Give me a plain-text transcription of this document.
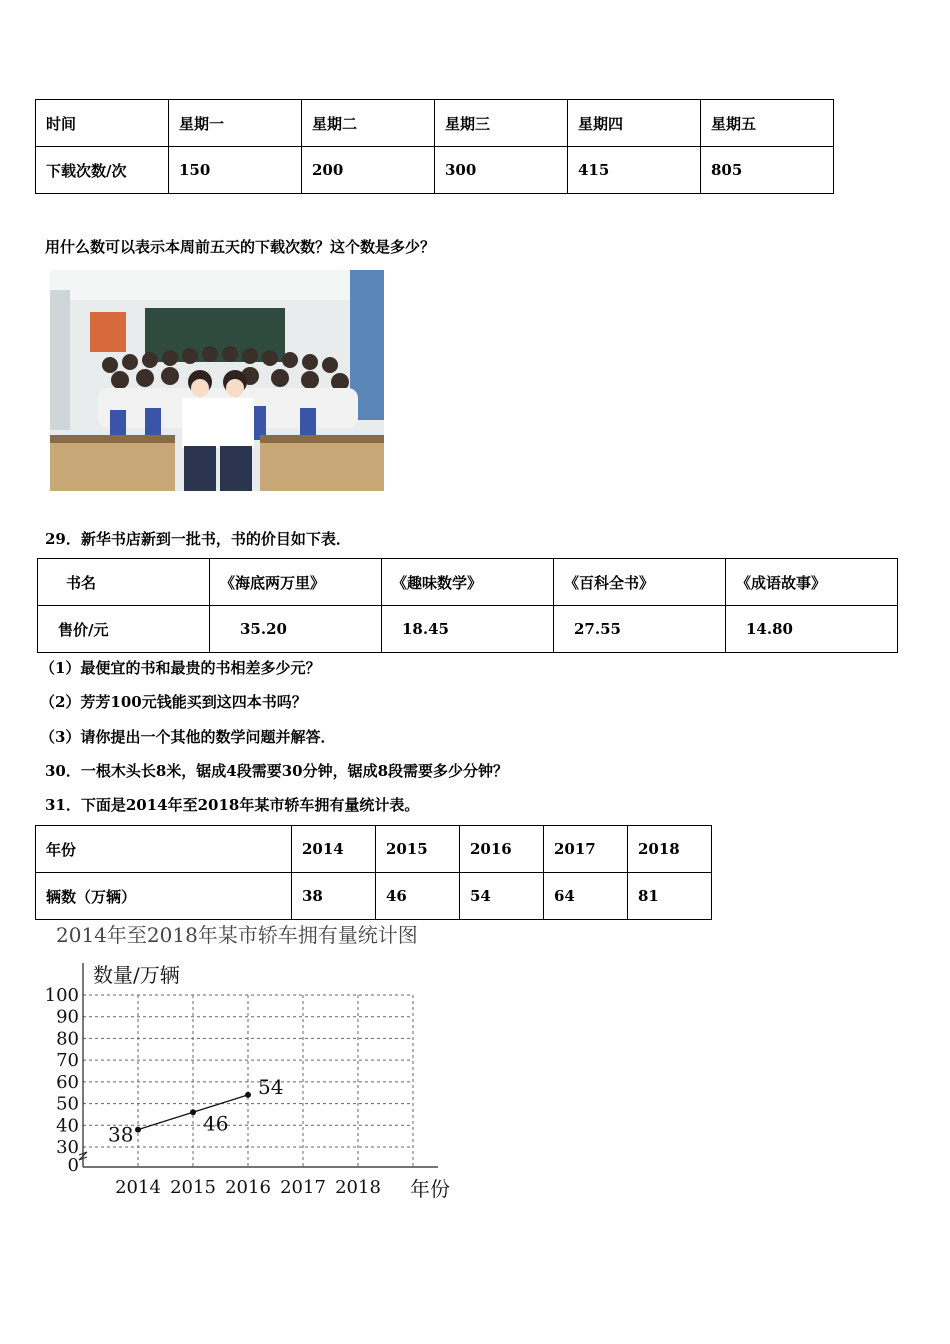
时间	星期一	星期二	星期三	星期四	星期五
下载次数/次	150	200	300	415	805
用什么数可以表示本周前五天的下载次数？这个数是多少？
29．新华书店新到一批书，书的价目如下表．
书名	《海底两万里》	《趣味数学》	《百科全书》	《成语故事》
售价/元	35.20	18.45	27.55	14.80
（1）最便宜的书和最贵的书相差多少元？
（2）芳芳100元钱能买到这四本书吗？
（3）请你提出一个其他的数学问题并解答．
30．一根木头长8米，锯成4段需要30分钟，锯成8段需要多少分钟？
31．下面是2014年至2018年某市轿车拥有量统计表。
年份	2014	2015	2016	2017	2018
辆数（万辆）	38	46	54	64	81
2014年至2018年某市轿车拥有量统计图
数量/万辆
年份
0
30
40
50
60
70
80
90
100
2014 2015 2016 2017 2018
38	46
54
